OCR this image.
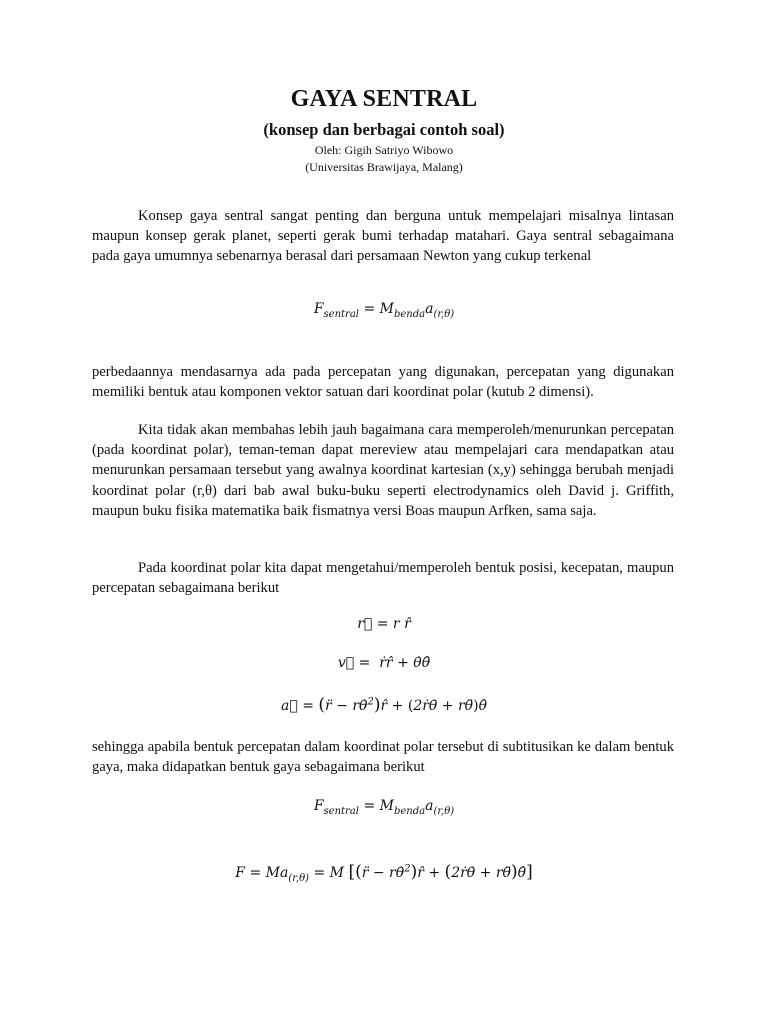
GAYA SENTRAL
(konsep dan berbagai contoh soal)
Oleh: Gigih Satriyo Wibowo
(Universitas Brawijaya, Malang)

Konsep gaya sentral sangat penting dan berguna untuk mempelajari misalnya lintasan maupun konsep gerak planet, seperti gerak bumi terhadap matahari. Gaya sentral sebagaimana pada gaya umumnya sebenarnya berasal dari persamaan Newton yang cukup terkenal

$F_{sentral} = M_{benda}a_{(r,\theta)}$

perbedaannya mendasarnya ada pada percepatan yang digunakan, percepatan yang digunakan memiliki bentuk atau komponen vektor satuan dari koordinat polar (kutub 2 dimensi).

Kita tidak akan membahas lebih jauh bagaimana cara memperoleh/menurunkan percepatan (pada koordinat polar), teman-teman dapat mereview atau mempelajari cara mendapatkan atau menurunkan persamaan tersebut yang awalnya koordinat kartesian (x,y) sehingga berubah menjadi koordinat polar (r,θ) dari bab awal buku-buku seperti electrodynamics oleh David j. Griffith, maupun buku fisika matematika baik fismatnya versi Boas maupun Arfken, sama saja.

Pada koordinat polar kita dapat mengetahui/memperoleh bentuk posisi, kecepatan, maupun percepatan sebagaimana berikut

r⃗ = r r̂
v⃗ =  ṙr̂ + θ̇θ̂
a⃗ = (r̈ − rθ̇$^2$)r̂ + (2ṙθ̇ + rθ̈)θ̂

sehingga apabila bentuk percepatan dalam koordinat polar tersebut di subtitusikan ke dalam bentuk gaya, maka didapatkan bentuk gaya sebagaimana berikut

$F_{sentral} = M_{benda}a_{(r,\theta)}$
$F = Ma_{(r,\theta)} = M$ [(r̈ − rθ̇$^2$)r̂ + (2ṙθ̇ + rθ̈)θ̂]
